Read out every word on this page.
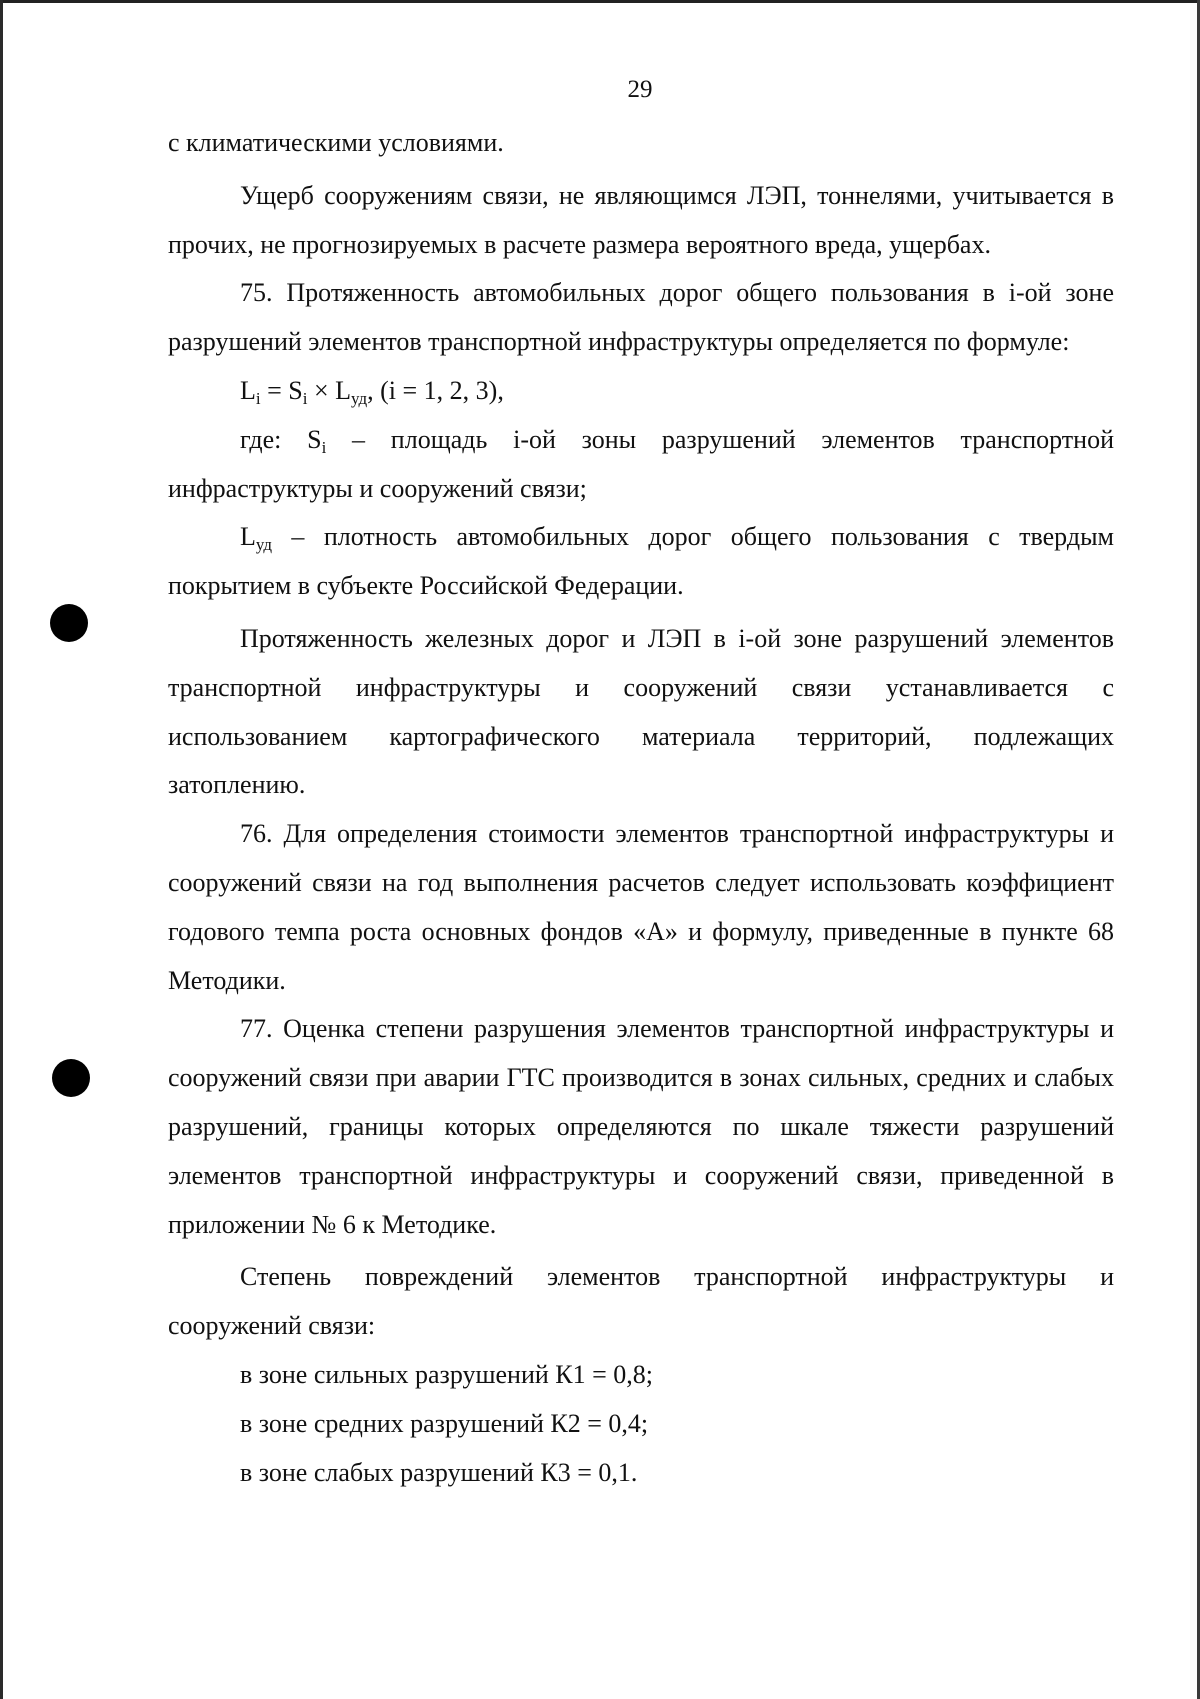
29

с климатическими условиями.

Ущерб сооружениям связи, не являющимся ЛЭП, тоннелями, учитывается в прочих, не прогнозируемых в расчете размера вероятного вреда, ущербах.

75. Протяженность автомобильных дорог общего пользования в i-ой зоне разрушений элементов транспортной инфраструктуры определяется по формуле:

$L_i = S_i \times L_{уд}$, (i = 1, 2, 3),

где: $S_i$ – площадь i-ой зоны разрушений элементов транспортной инфраструктуры и сооружений связи;

$L_{уд}$ – плотность автомобильных дорог общего пользования с твердым покрытием в субъекте Российской Федерации.

Протяженность железных дорог и ЛЭП в i-ой зоне разрушений элементов транспортной инфраструктуры и сооружений связи устанавливается с использованием картографического материала территорий, подлежащих затоплению.

76. Для определения стоимости элементов транспортной инфраструктуры и сооружений связи на год выполнения расчетов следует использовать коэффициент годового темпа роста основных фондов «А» и формулу, приведенные в пункте 68 Методики.

77. Оценка степени разрушения элементов транспортной инфраструктуры и сооружений связи при аварии ГТС производится в зонах сильных, средних и слабых разрушений, границы которых определяются по шкале тяжести разрушений элементов транспортной инфраструктуры и сооружений связи, приведенной в приложении № 6 к Методике.

Степень повреждений элементов транспортной инфраструктуры и сооружений связи:

в зоне сильных разрушений К1 = 0,8;

в зоне средних разрушений К2 = 0,4;

в зоне слабых разрушений К3 = 0,1.
